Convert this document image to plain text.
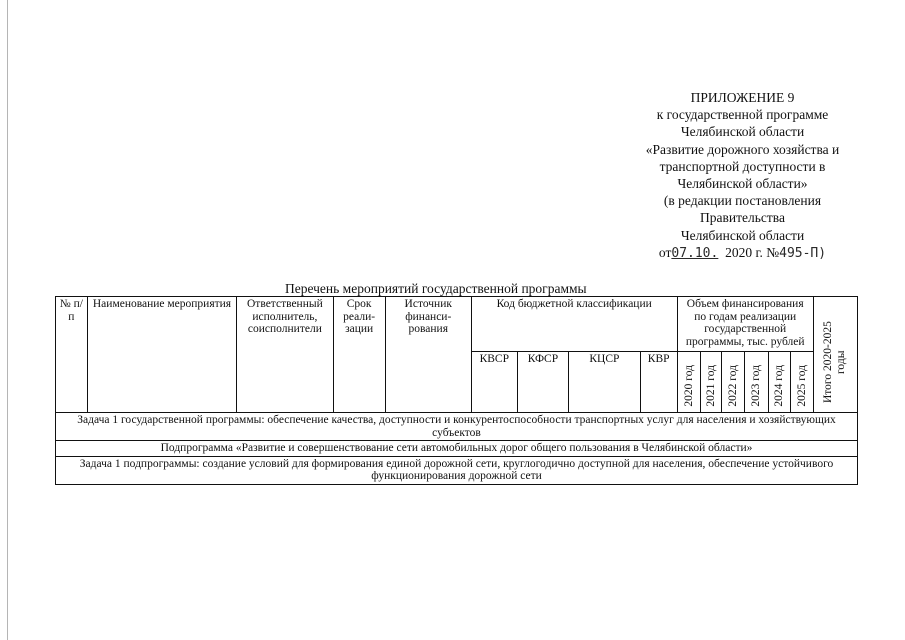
ПРИЛОЖЕНИЕ 9
к государственной программе
Челябинской области
«Развитие дорожного хозяйства и
транспортной доступности в
Челябинской области»
(в редакции постановления
Правительства
Челябинской области
от07.10. 2020 г. №495-П)
Перечень мероприятий государственной программы
№ п/п	Наименование мероприятия	Ответственный исполнитель, соисполнители	Срок реали-зации	Источник финанси-рования	Код бюджетной классификации				Объем финансирования по годам реализации государственной программы, тыс. рублей						Итого 2020-2025 годы
					КВСР	КФСР	КЦСР	КВР	2020 год	2021 год	2022 год	2023 год	2024 год	2025 год	
Задача 1 государственной программы: обеспечение качества, доступности и конкурентоспособности транспортных услуг для населения и хозяйствующих субъектов															
Подпрограмма «Развитие и совершенствование сети автомобильных дорог общего пользования в Челябинской области»															
Задача 1 подпрограммы: создание условий для формирования единой дорожной сети, круглогодично доступной для населения, обеспечение устойчивого функционирования дорожной сети															
